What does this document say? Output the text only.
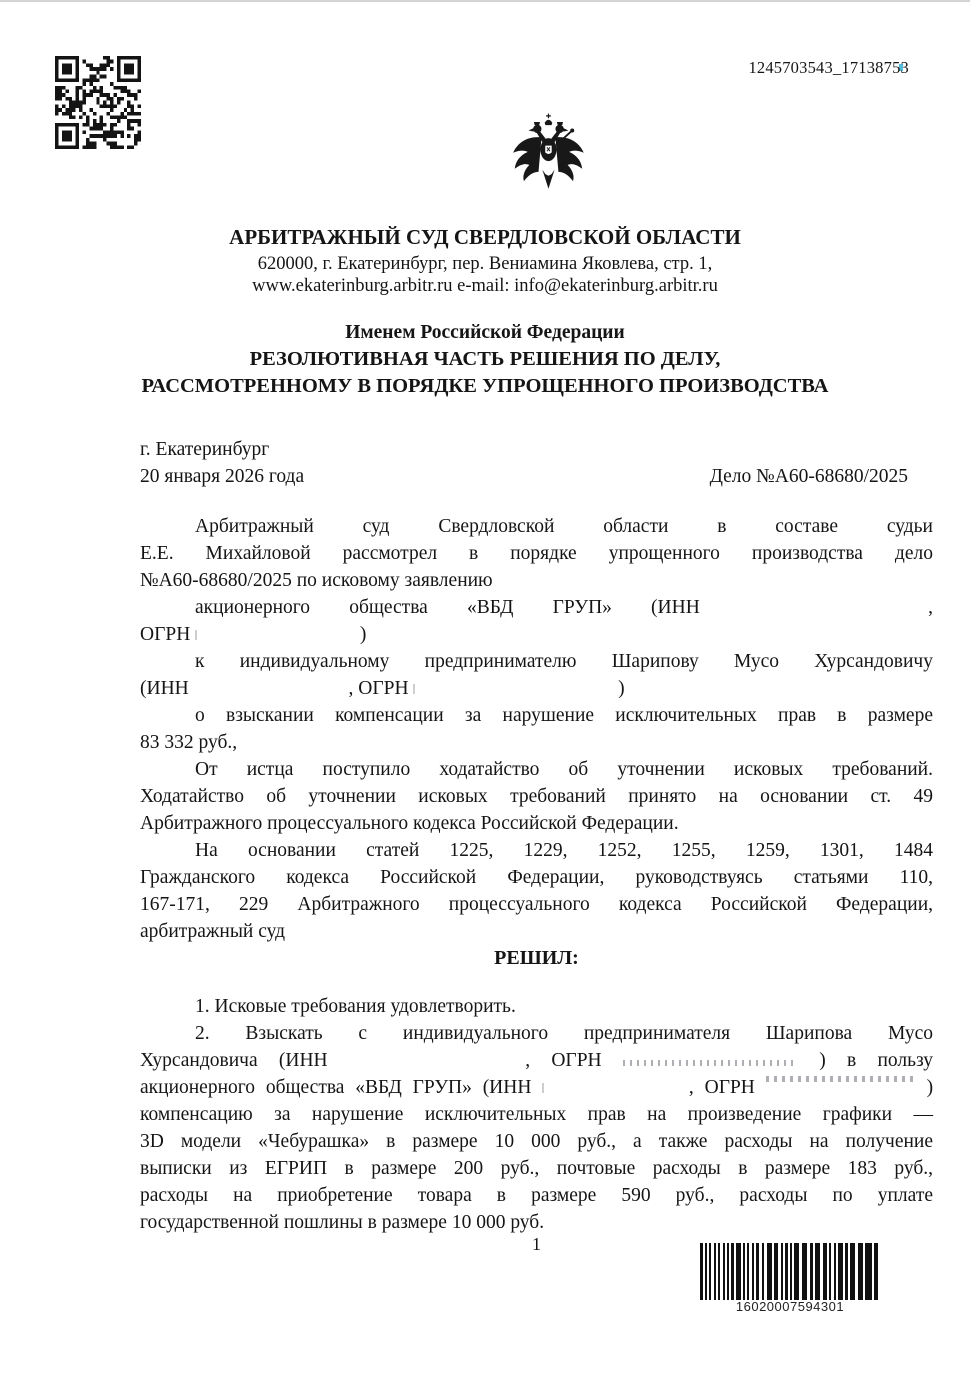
1245703543_17138753
АРБИТРАЖНЫЙ СУД СВЕРДЛОВСКОЙ ОБЛАСТИ
620000, г. Екатеринбург, пер. Вениамина Яковлева, стр. 1,
www.ekaterinburg.arbitr.ru e-mail: info@ekaterinburg.arbitr.ru
Именем Российской Федерации
РЕЗОЛЮТИВНАЯ ЧАСТЬ РЕШЕНИЯ ПО ДЕЛУ,
РАССМОТРЕННОМУ В ПОРЯДКЕ УПРОЩЕННОГО ПРОИЗВОДСТВА
г. Екатеринбург
20 января 2026 года	Дело №А60-68680/2025
Арбитражный суд Свердловской области в составе судьи
Е.Е. Михайловой рассмотрел в порядке упрощенного производства дело
№А60-68680/2025 по исковому заявлению
акционерного общества «ВБД ГРУП» (ИНН	,
ОГРН	)
к индивидуальному предпринимателю Шарипову Мусо Хурсандовичу
(ИНН	, ОГРН	)
о взыскании компенсации за нарушение исключительных прав в размере
83 332 руб.,
От истца поступило ходатайство об уточнении исковых требований.
Ходатайство об уточнении исковых требований принято на основании ст. 49
Арбитражного процессуального кодекса Российской Федерации.
На основании статей 1225, 1229, 1252, 1255, 1259, 1301, 1484
Гражданского кодекса Российской Федерации, руководствуясь статьями 110,
167-171, 229 Арбитражного процессуального кодекса Российской Федерации,
арбитражный суд
РЕШИЛ:
1. Исковые требования удовлетворить.
2. Взыскать с индивидуального предпринимателя Шарипова Мусо
Хурсандовича (ИНН	, ОГРН	) в пользу
акционерного общества «ВБД ГРУП» (ИНН	, ОГРН	)
компенсацию за нарушение исключительных прав на произведение графики —
3D модели «Чебурашка» в размере 10 000 руб., а также расходы на получение
выписки из ЕГРИП в размере 200 руб., почтовые расходы в размере 183 руб.,
расходы на приобретение товара в размере 590 руб., расходы по уплате
государственной пошлины в размере 10 000 руб.
1
16020007594301
